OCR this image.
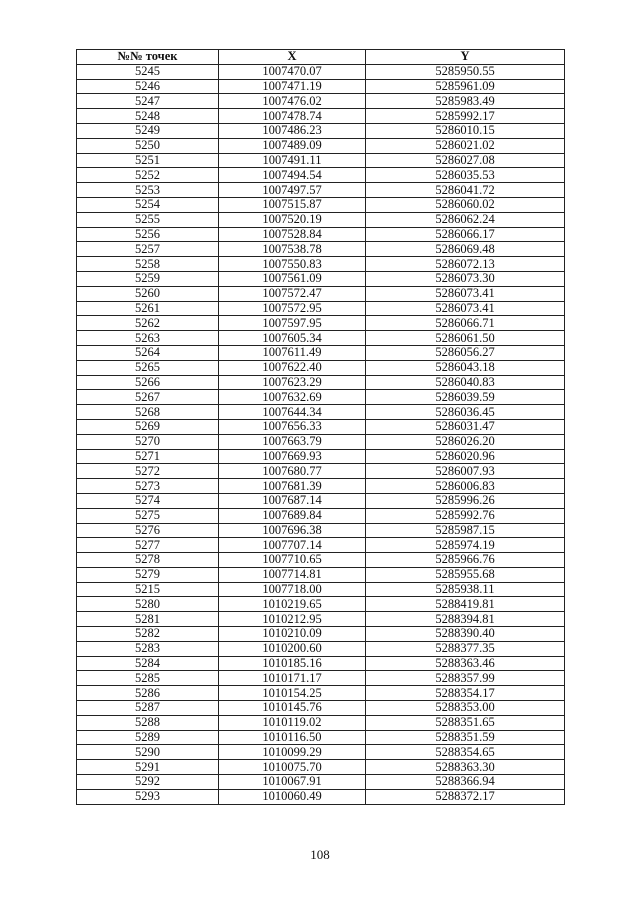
№№ точек	X	Y
5245	1007470.07	5285950.55
5246	1007471.19	5285961.09
5247	1007476.02	5285983.49
5248	1007478.74	5285992.17
5249	1007486.23	5286010.15
5250	1007489.09	5286021.02
5251	1007491.11	5286027.08
5252	1007494.54	5286035.53
5253	1007497.57	5286041.72
5254	1007515.87	5286060.02
5255	1007520.19	5286062.24
5256	1007528.84	5286066.17
5257	1007538.78	5286069.48
5258	1007550.83	5286072.13
5259	1007561.09	5286073.30
5260	1007572.47	5286073.41
5261	1007572.95	5286073.41
5262	1007597.95	5286066.71
5263	1007605.34	5286061.50
5264	1007611.49	5286056.27
5265	1007622.40	5286043.18
5266	1007623.29	5286040.83
5267	1007632.69	5286039.59
5268	1007644.34	5286036.45
5269	1007656.33	5286031.47
5270	1007663.79	5286026.20
5271	1007669.93	5286020.96
5272	1007680.77	5286007.93
5273	1007681.39	5286006.83
5274	1007687.14	5285996.26
5275	1007689.84	5285992.76
5276	1007696.38	5285987.15
5277	1007707.14	5285974.19
5278	1007710.65	5285966.76
5279	1007714.81	5285955.68
5215	1007718.00	5285938.11
5280	1010219.65	5288419.81
5281	1010212.95	5288394.81
5282	1010210.09	5288390.40
5283	1010200.60	5288377.35
5284	1010185.16	5288363.46
5285	1010171.17	5288357.99
5286	1010154.25	5288354.17
5287	1010145.76	5288353.00
5288	1010119.02	5288351.65
5289	1010116.50	5288351.59
5290	1010099.29	5288354.65
5291	1010075.70	5288363.30
5292	1010067.91	5288366.94
5293	1010060.49	5288372.17
108
